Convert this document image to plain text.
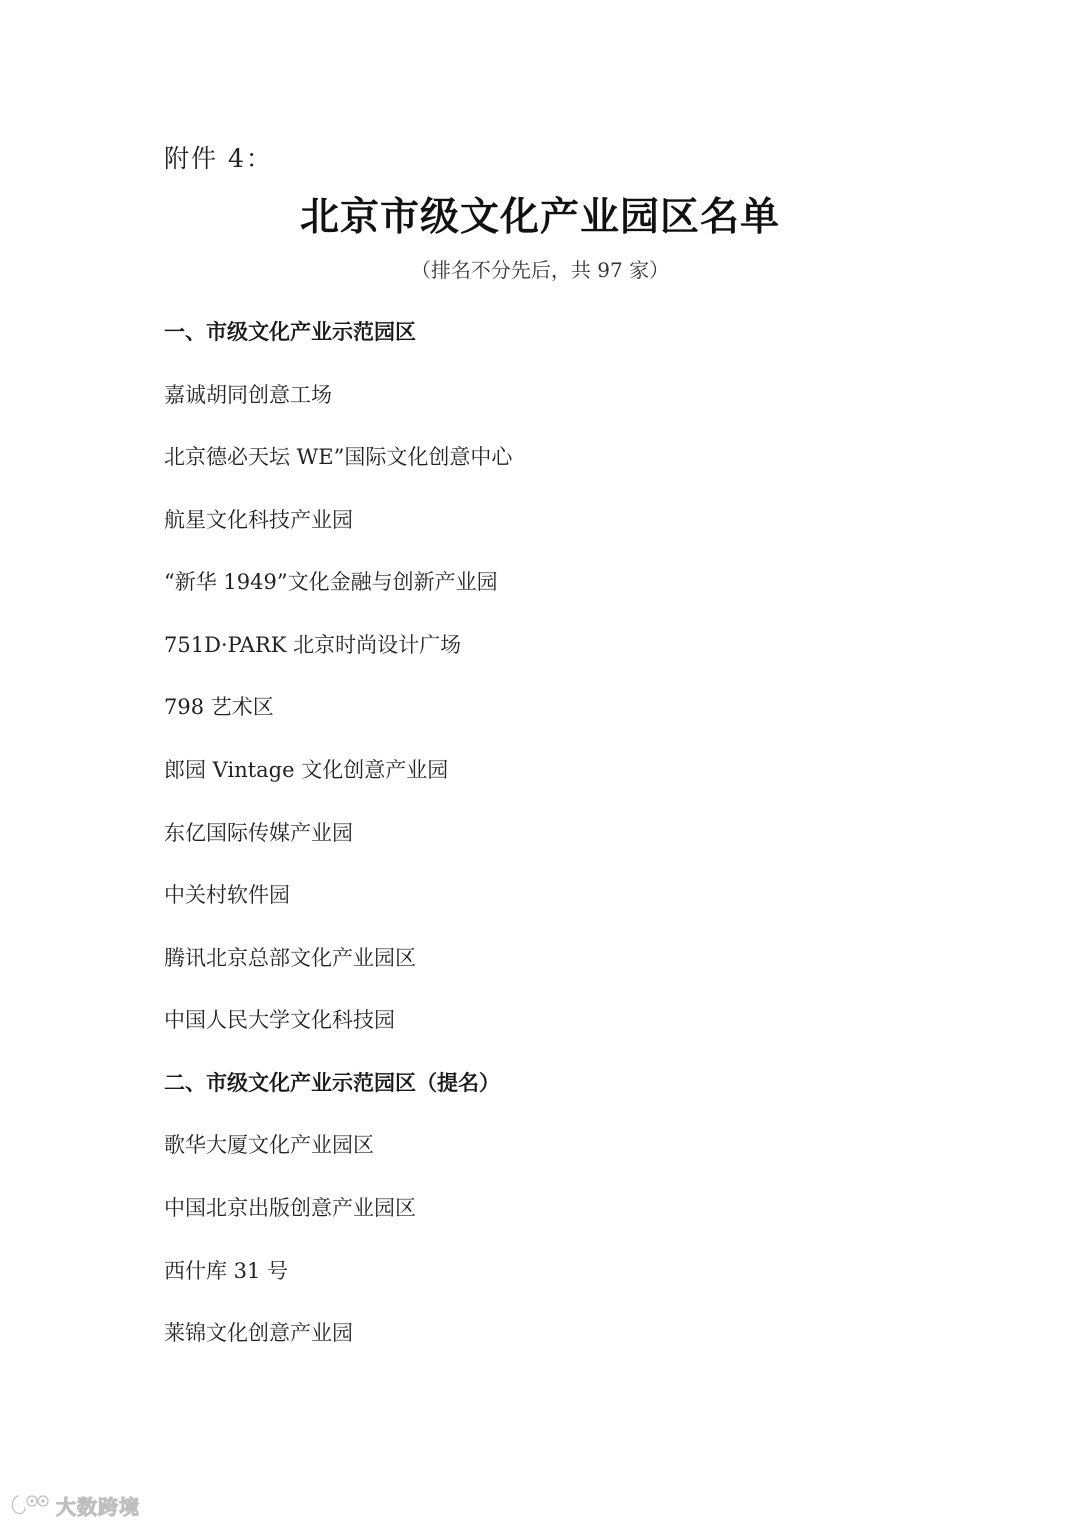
附件 4：
北京市级文化产业园区名单
（排名不分先后，共 97 家）
一、市级文化产业示范园区
嘉诚胡同创意工场
北京德必天坛 WE”国际文化创意中心
航星文化科技产业园
“新华 1949”文化金融与创新产业园
751D·PARK 北京时尚设计广场
798 艺术区
郎园 Vintage 文化创意产业园
东亿国际传媒产业园
中关村软件园
腾讯北京总部文化产业园区
中国人民大学文化科技园
二、市级文化产业示范园区（提名）
歌华大厦文化产业园区
中国北京出版创意产业园区
西什库 31 号
莱锦文化创意产业园
大数跨境
